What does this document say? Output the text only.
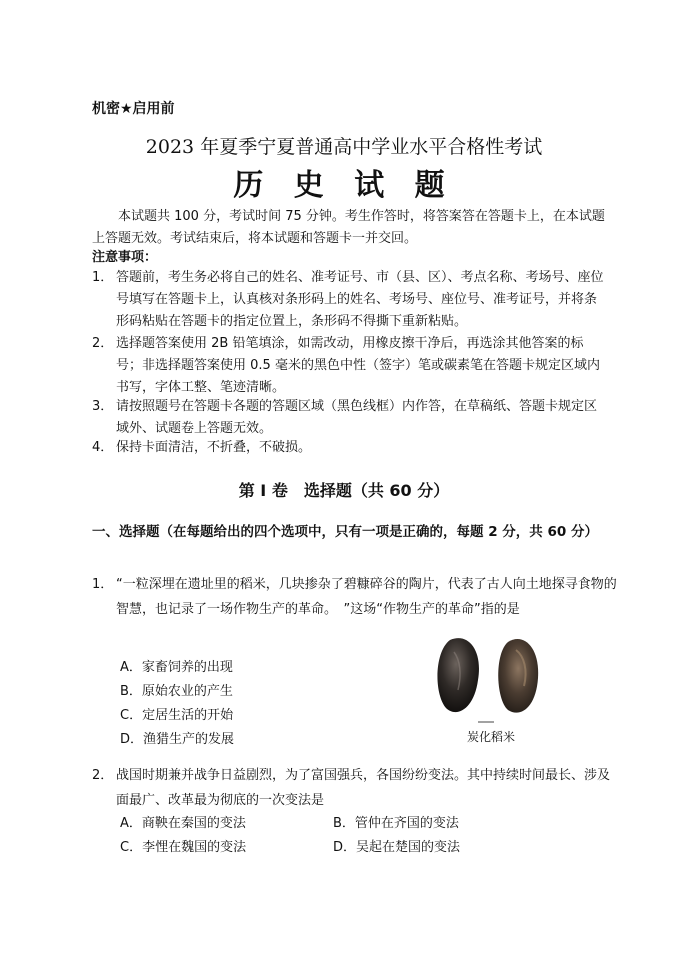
机密★启用前
2023 年夏季宁夏普通高中学业水平合格性考试
历 史 试 题
本试题共 100 分，考试时间 75 分钟。考生作答时，将答案答在答题卡上，在本试题上答题无效。考试结束后，将本试题和答题卡一并交回。
注意事项：
1． 答题前，考生务必将自己的姓名、准考证号、市（县、区）、考点名称、考场号、座位号填写在答题卡上，认真核对条形码上的姓名、考场号、座位号、准考证号，并将条形码粘贴在答题卡的指定位置上，条形码不得撕下重新粘贴。
2． 选择题答案使用 2B 铅笔填涂，如需改动，用橡皮擦干净后，再选涂其他答案的标号；非选择题答案使用 0.5 毫米的黑色中性（签字）笔或碳素笔在答题卡规定区域内书写，字体工整、笔迹清晰。
3． 请按照题号在答题卡各题的答题区域（黑色线框）内作答，在草稿纸、答题卡规定区域外、试题卷上答题无效。
4． 保持卡面清洁，不折叠，不破损。
第 I 卷　选择题（共 60 分）
一、选择题（在每题给出的四个选项中，只有一项是正确的，每题 2 分，共 60 分）
1． “一粒深埋在遗址里的稻米，几块掺杂了碧糠碎谷的陶片，代表了古人向土地探寻食物的智慧，也记录了一场作物生产的革命。　”这场“作物生产的革命”指的是
A．家畜饲养的出现
B．原始农业的产生
C．定居生活的开始
D．渔猎生产的发展	炭化稻米
2． 战国时期兼并战争日益剧烈，为了富国强兵，各国纷纷变法。其中持续时间最长、涉及面最广、改革最为彻底的一次变法是
A．商鞅在秦国的变法	B．管仲在齐国的变法
C．李悝在魏国的变法	D．吴起在楚国的变法
